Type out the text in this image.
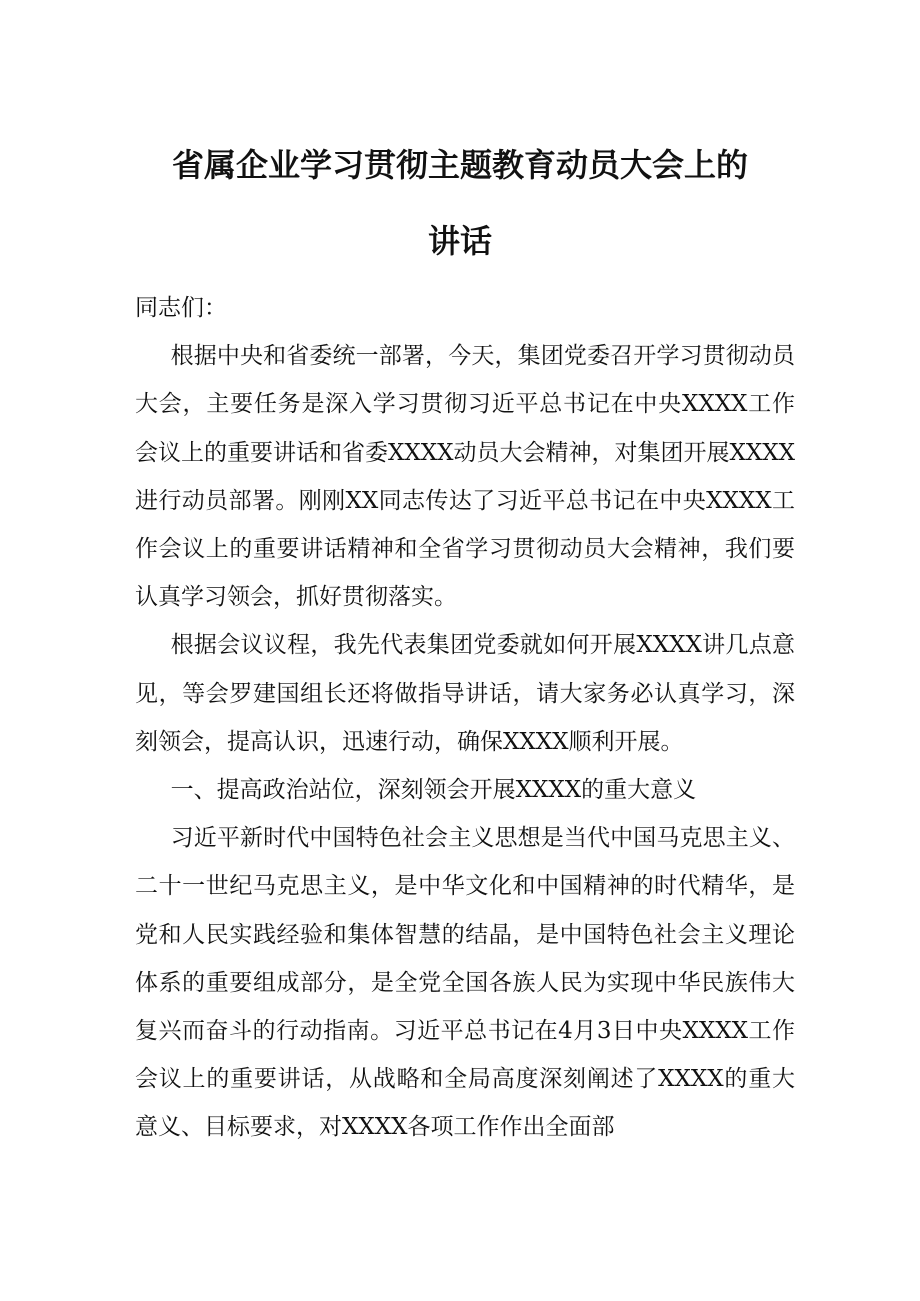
省属企业学习贯彻主题教育动员大会上的
讲话

同志们：

根据中央和省委统一部署，今天，集团党委召开学习贯彻动员大会，主要任务是深入学习贯彻习近平总书记在中央XXXX工作会议上的重要讲话和省委XXXX动员大会精神，对集团开展XXXX进行动员部署。刚刚XX同志传达了习近平总书记在中央XXXX工作会议上的重要讲话精神和全省学习贯彻动员大会精神，我们要认真学习领会，抓好贯彻落实。

根据会议议程，我先代表集团党委就如何开展XXXX讲几点意见，等会罗建国组长还将做指导讲话，请大家务必认真学习，深刻领会，提高认识，迅速行动，确保XXXX顺利开展。

一、提高政治站位，深刻领会开展XXXX的重大意义

习近平新时代中国特色社会主义思想是当代中国马克思主义、二十一世纪马克思主义，是中华文化和中国精神的时代精华，是党和人民实践经验和集体智慧的结晶，是中国特色社会主义理论体系的重要组成部分，是全党全国各族人民为实现中华民族伟大复兴而奋斗的行动指南。习近平总书记在4月3日中央XXXX工作会议上的重要讲话，从战略和全局高度深刻阐述了XXXX的重大意义、目标要求，对XXXX各项工作作出全面部
